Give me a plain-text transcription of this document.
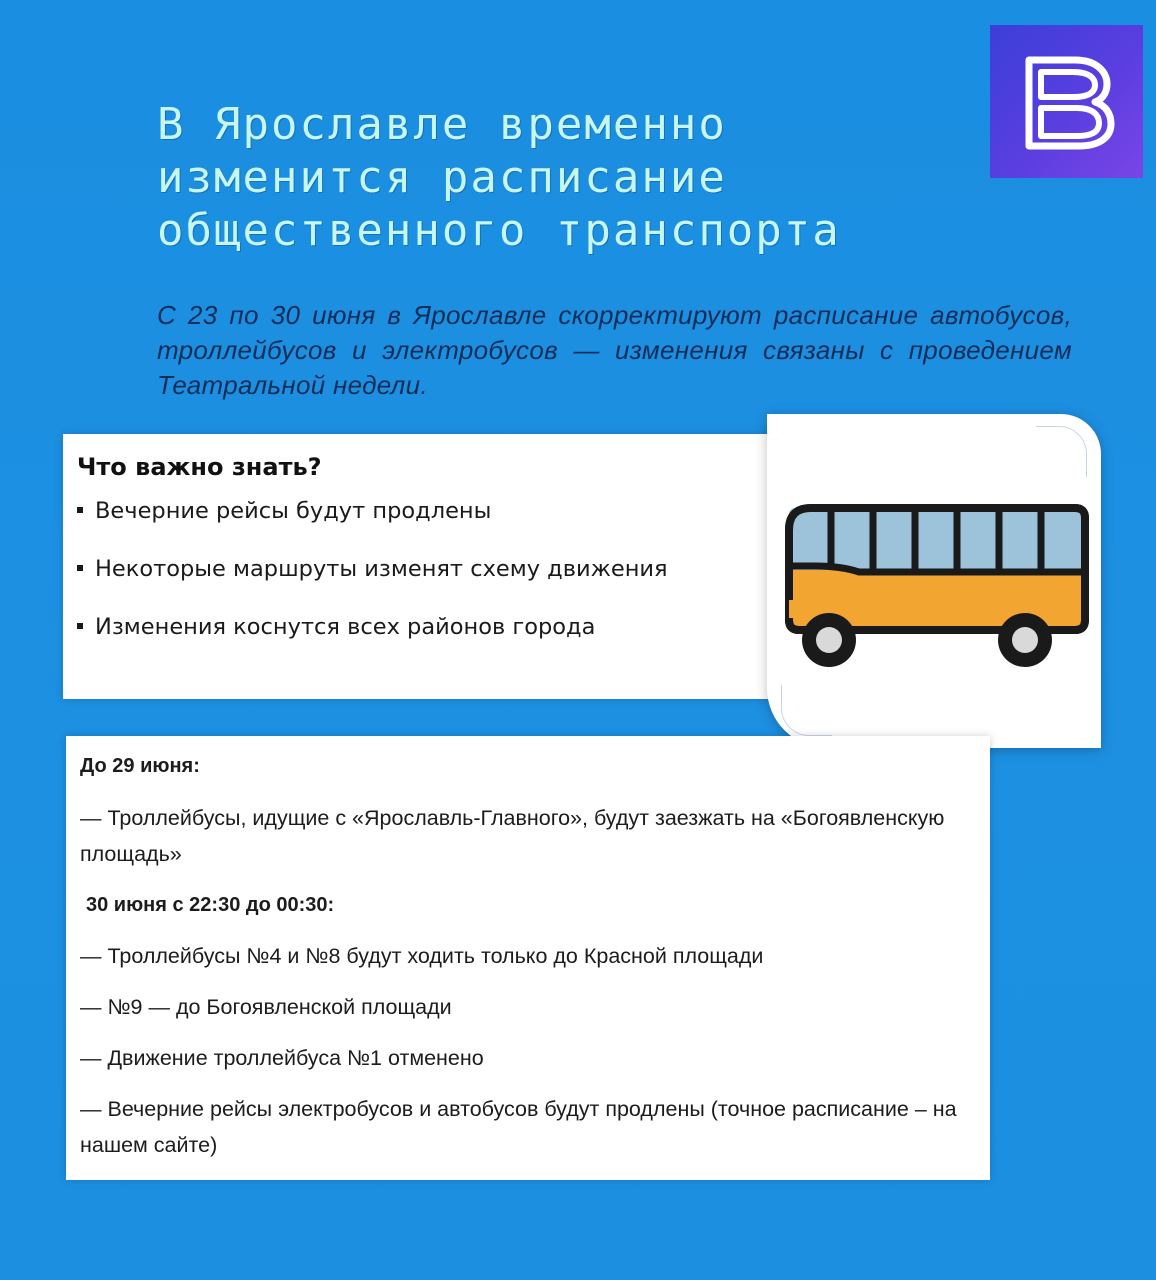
В Ярославле временно
изменится расписание
общественного транспорта

С 23 по 30 июня в Ярославле скорректируют расписание автобусов, троллейбусов и электробусов — изменения связаны с проведением Театральной недели.

Что важно знать?
Вечерние рейсы будут продлены
Некоторые маршруты изменят схему движения
Изменения коснутся всех районов города

До 29 июня:

— Троллейбусы, идущие с «Ярославль-Главного», будут заезжать на «Богоявленскую площадь»

30 июня с 22:30 до 00:30:

— Троллейбусы №4 и №8 будут ходить только до Красной площади

— №9 — до Богоявленской площади

— Движение троллейбуса №1 отменено

— Вечерние рейсы электробусов и автобусов будут продлены (точное расписание – на нашем сайте)
